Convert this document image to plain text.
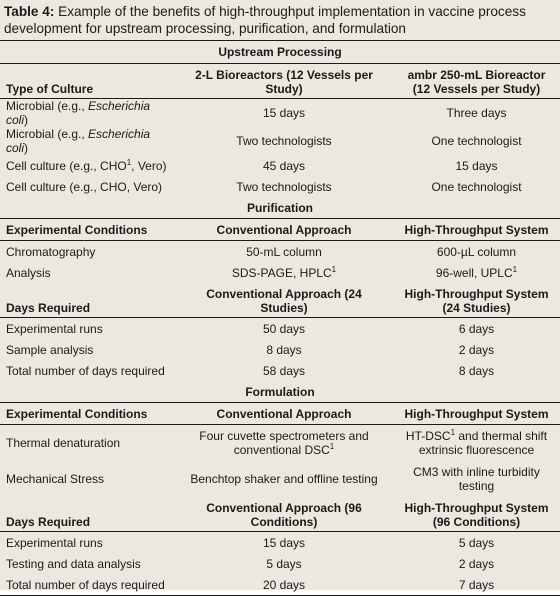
Table 4: Example of the benefits of high-throughput implementation in vaccine process development for upstream processing, purification, and formulation
Upstream Processing		
Type of Culture	2-L Bioreactors (12 Vessels per Study)	ambr 250-mL Bioreactor (12 Vessels per Study)
Microbial (e.g., Escherichia coli)	15 days	Three days
Microbial (e.g., Escherichia coli)	Two technologists	One technologist
Cell culture (e.g., CHO$^1$, Vero)	45 days	15 days
Cell culture (e.g., CHO, Vero)	Two technologists	One technologist
Purification		
Experimental Conditions	Conventional Approach	High-Throughput System
Chromatography	50-mL column	600-µL column
Analysis	SDS-PAGE, HPLC$^1$	96-well, UPLC$^1$
Days Required	Conventional Approach (24 Studies)	High-Throughput System (24 Studies)
Experimental runs	50 days	6 days
Sample analysis	8 days	2 days
Total number of days required	58 days	8 days
Formulation		
Experimental Conditions	Conventional Approach	High-Throughput System
Thermal denaturation	Four cuvette spectrometers and conventional DSC$^1$	HT-DSC$^1$ and thermal shift extrinsic fluorescence
Mechanical Stress	Benchtop shaker and offline testing	CM3 with inline turbidity testing
Days Required	Conventional Approach (96 Conditions)	High-Throughput System (96 Conditions)
Experimental runs	15 days	5 days
Testing and data analysis	5 days	2 days
Total number of days required	20 days	7 days
